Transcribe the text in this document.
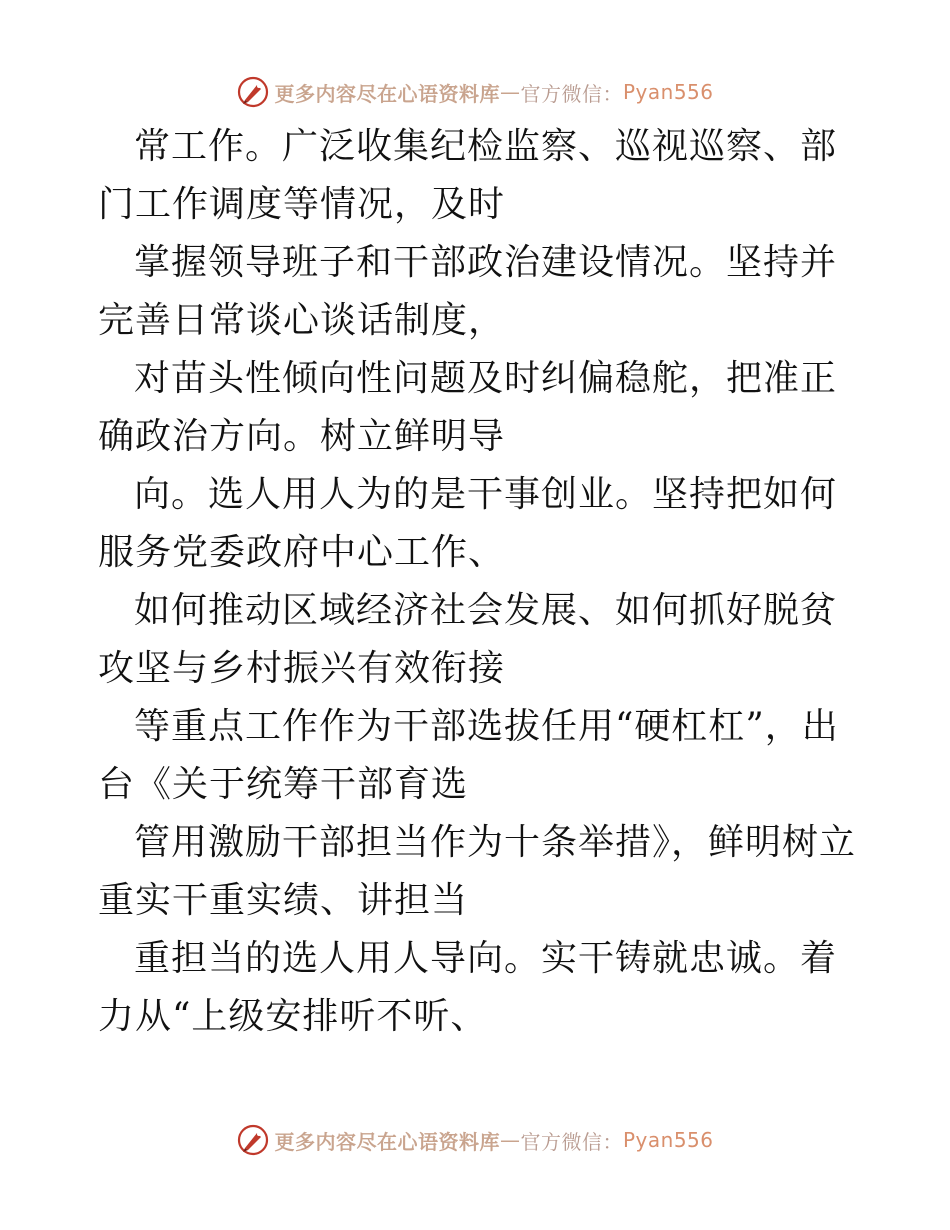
更多内容尽在心语资料库 — 官方微信： Pyan556

常工作。广泛收集纪检监察、巡视巡察、部门工作调度等情况，及时

掌握领导班子和干部政治建设情况。坚持并完善日常谈心谈话制度，

对苗头性倾向性问题及时纠偏稳舵，把准正确政治方向。树立鲜明导

向。选人用人为的是干事创业。坚持把如何服务党委政府中心工作、

如何推动区域经济社会发展、如何抓好脱贫攻坚与乡村振兴有效衔接

等重点工作作为干部选拔任用“硬杠杠”，出台《关于统筹干部育选

管用激励干部担当作为十条举措》，鲜明树立重实干重实绩、讲担当

重担当的选人用人导向。实干铸就忠诚。着力从“上级安排听不听、

更多内容尽在心语资料库 — 官方微信： Pyan556
